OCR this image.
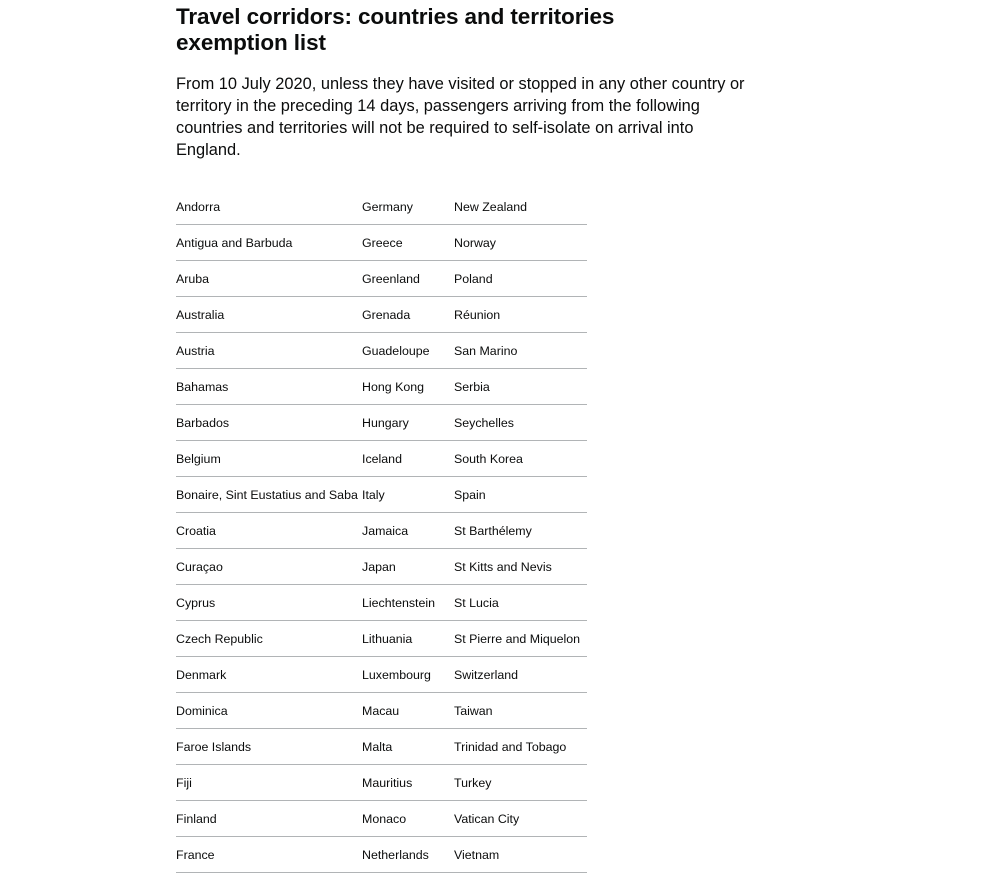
Travel corridors: countries and territories exemption list

From 10 July 2020, unless they have visited or stopped in any other country or territory in the preceding 14 days, passengers arriving from the following countries and territories will not be required to self-isolate on arrival into England.

Andorra	Germany	New Zealand
Antigua and Barbuda	Greece	Norway
Aruba	Greenland	Poland
Australia	Grenada	Réunion
Austria	Guadeloupe	San Marino
Bahamas	Hong Kong	Serbia
Barbados	Hungary	Seychelles
Belgium	Iceland	South Korea
Bonaire, Sint Eustatius and Saba	Italy	Spain
Croatia	Jamaica	St Barthélemy
Curaçao	Japan	St Kitts and Nevis
Cyprus	Liechtenstein	St Lucia
Czech Republic	Lithuania	St Pierre and Miquelon
Denmark	Luxembourg	Switzerland
Dominica	Macau	Taiwan
Faroe Islands	Malta	Trinidad and Tobago
Fiji	Mauritius	Turkey
Finland	Monaco	Vatican City
France	Netherlands	Vietnam
